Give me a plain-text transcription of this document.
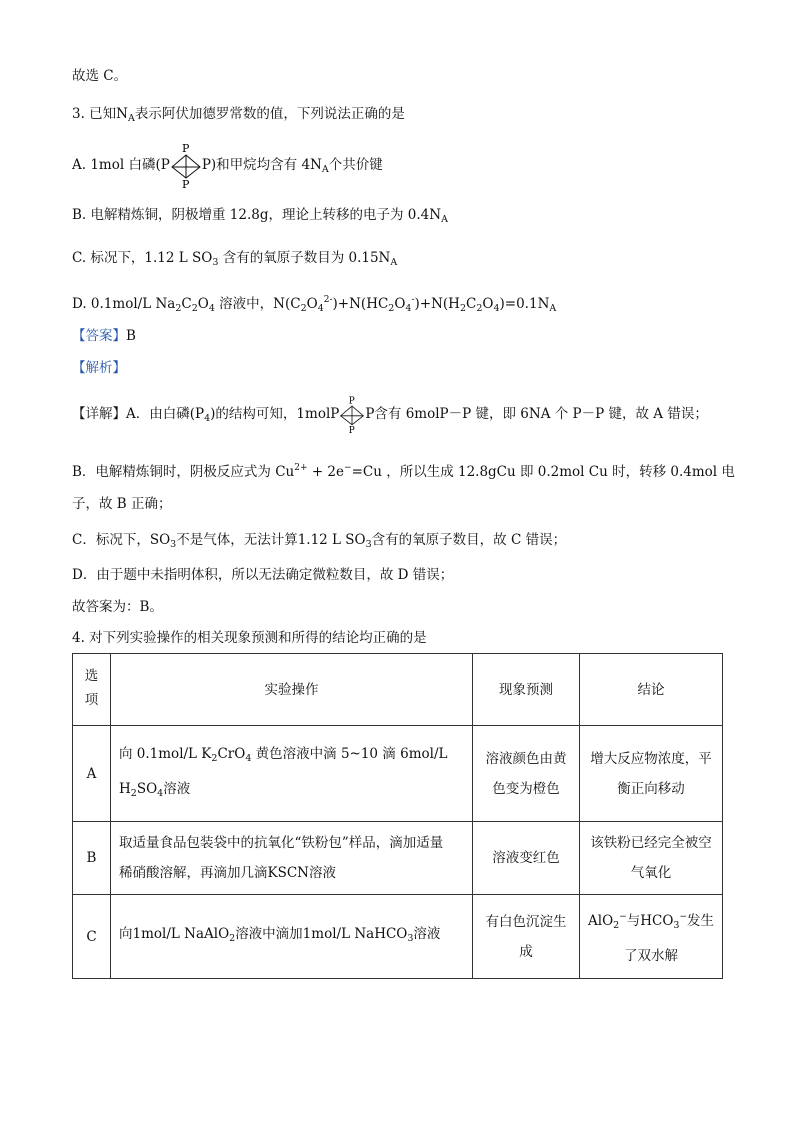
故选 C。
3. 已知$N_A$表示阿伏加德罗常数的值，下列说法正确的是
A. 1mol 白磷(P
P
P
P)和甲烷均含有 $4N_A$个共价键
B. 电解精炼铜，阴极增重 12.8g，理论上转移的电子为 $0.4N_A$
C. 标况下，1.12 L $SO_3$ 含有的氧原子数目为 $0.15N_A$
D. 0.1mol/L $Na_2C_2O_4$ 溶液中，$N(C_2O_4^{2-})+N(HC_2O_4^-)+N(H_2C_2O_4)=0.1N_A$
【答案】B
【解析】
【详解】A．由白磷$(P_4)$的结构可知，1molP
P
P
P含有 6molP－P 键，即 6NA 个 P－P 键，故 A 错误；
B．电解精炼铜时，阴极反应式为 $Cu^{2+} + 2e^-=Cu$ ，所以生成 12.8gCu 即 0.2mol Cu 时，转移 0.4mol 电
子，故 B 正确；
C．标况下，$SO_3$不是气体，无法计算1.12 L $SO_3$含有的氧原子数目，故 C 错误；
D．由于题中未指明体积，所以无法确定微粒数目，故 D 错误；
故答案为：B。
4. 对下列实验操作的相关现象预测和所得的结论均正确的是
选项	实验操作	现象预测	结论
A	向 0.1mol/L $K_2CrO_4$ 黄色溶液中滴 5~10 滴 6mol/L
$H_2SO_4$溶液	溶液颜色由黄色变为橙色	增大反应物浓度，平衡正向移动
B	取适量食品包装袋中的抗氧化“铁粉包”样品，滴加适量
稀硝酸溶解，再滴加几滴KSCN溶液	溶液变红色	该铁粉已经完全被空气氧化
C	向1mol/L NaAlO$_2$溶液中滴加1mol/L NaHCO$_3$溶液	有白色沉淀生成	AlO$_2$−与$HCO_3^-$发生了双水解
